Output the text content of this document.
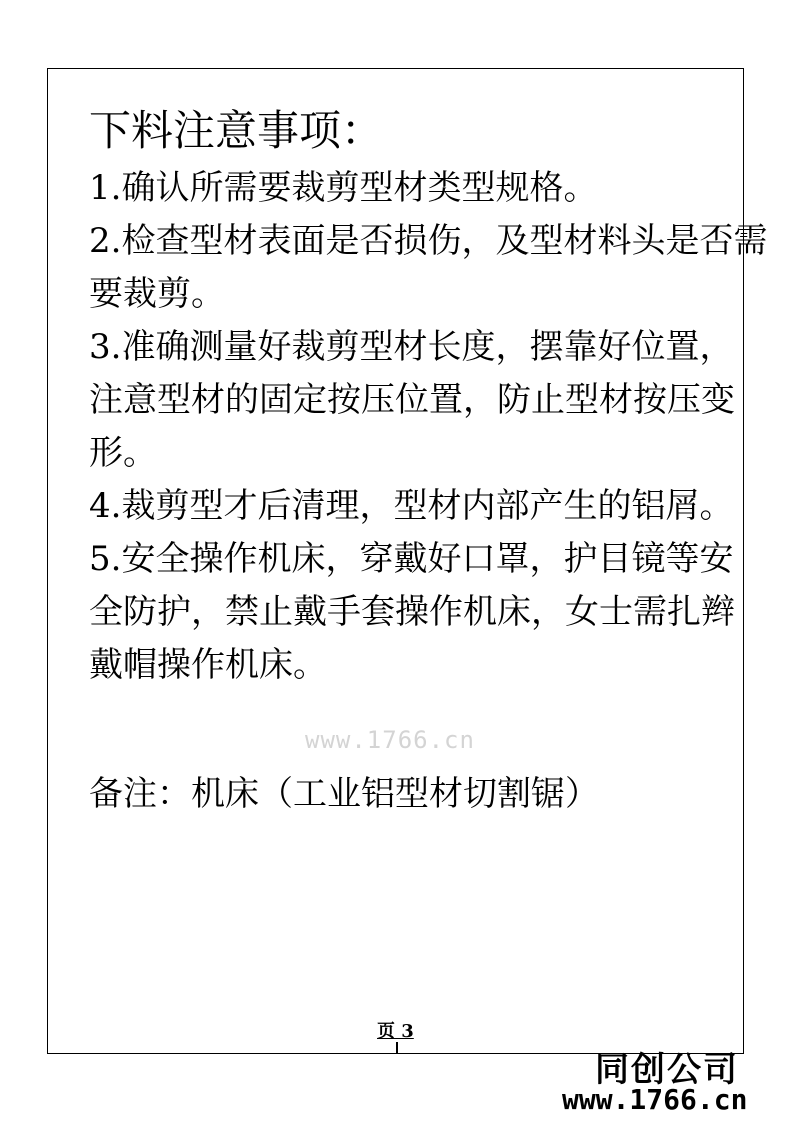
下料注意事项：
1.确认所需要裁剪型材类型规格。
2.检查型材表面是否损伤，及型材料头是否需
要裁剪。
3.准确测量好裁剪型材长度，摆靠好位置，
注意型材的固定按压位置，防止型材按压变
形。
4.裁剪型才后清理，型材内部产生的铝屑。
5.安全操作机床，穿戴好口罩，护目镜等安
全防护，禁止戴手套操作机床，女士需扎辫
戴帽操作机床。
www.1766.cn
备注：机床（工业铝型材切割锯）
页 3
同创公司
www.1766.cn
